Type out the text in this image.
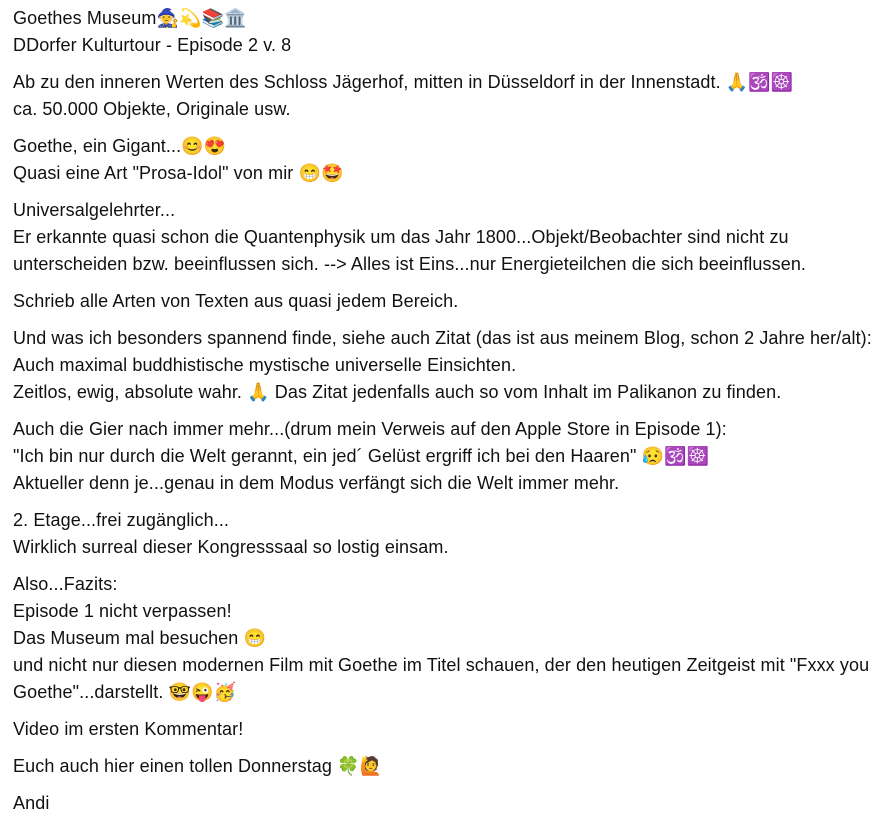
Goethes Museum🧙💫📚🏛️
DDorfer Kulturtour - Episode 2 v. 8

Ab zu den inneren Werten des Schloss Jägerhof, mitten in Düsseldorf in der Innenstadt. 🙏🕉️☸️
ca. 50.000 Objekte, Originale usw.

Goethe, ein Gigant...😊😍
Quasi eine Art "Prosa-Idol" von mir 😁🤩

Universalgelehrter...
Er erkannte quasi schon die Quantenphysik um das Jahr 1800...Objekt/Beobachter sind nicht zu unterscheiden bzw. beeinflussen sich. --> Alles ist Eins...nur Energieteilchen die sich beeinflussen.

Schrieb alle Arten von Texten aus quasi jedem Bereich.

Und was ich besonders spannend finde, siehe auch Zitat (das ist aus meinem Blog, schon 2 Jahre her/alt): Auch maximal buddhistische mystische universelle Einsichten.
Zeitlos, ewig, absolute wahr. 🙏 Das Zitat jedenfalls auch so vom Inhalt im Palikanon zu finden.

Auch die Gier nach immer mehr...(drum mein Verweis auf den Apple Store in Episode 1):
"Ich bin nur durch die Welt gerannt, ein jed´ Gelüst ergriff ich bei den Haaren" 😥🕉️☸️
Aktueller denn je...genau in dem Modus verfängt sich die Welt immer mehr.

2. Etage...frei zugänglich...
Wirklich surreal dieser Kongresssaal so lostig einsam.

Also...Fazits:
Episode 1 nicht verpassen!
Das Museum mal besuchen 😁
und nicht nur diesen modernen Film mit Goethe im Titel schauen, der den heutigen Zeitgeist mit "Fxxx you Goethe"...darstellt. 🤓😜🥳

Video im ersten Kommentar!

Euch auch hier einen tollen Donnerstag 🍀🙋

Andi
